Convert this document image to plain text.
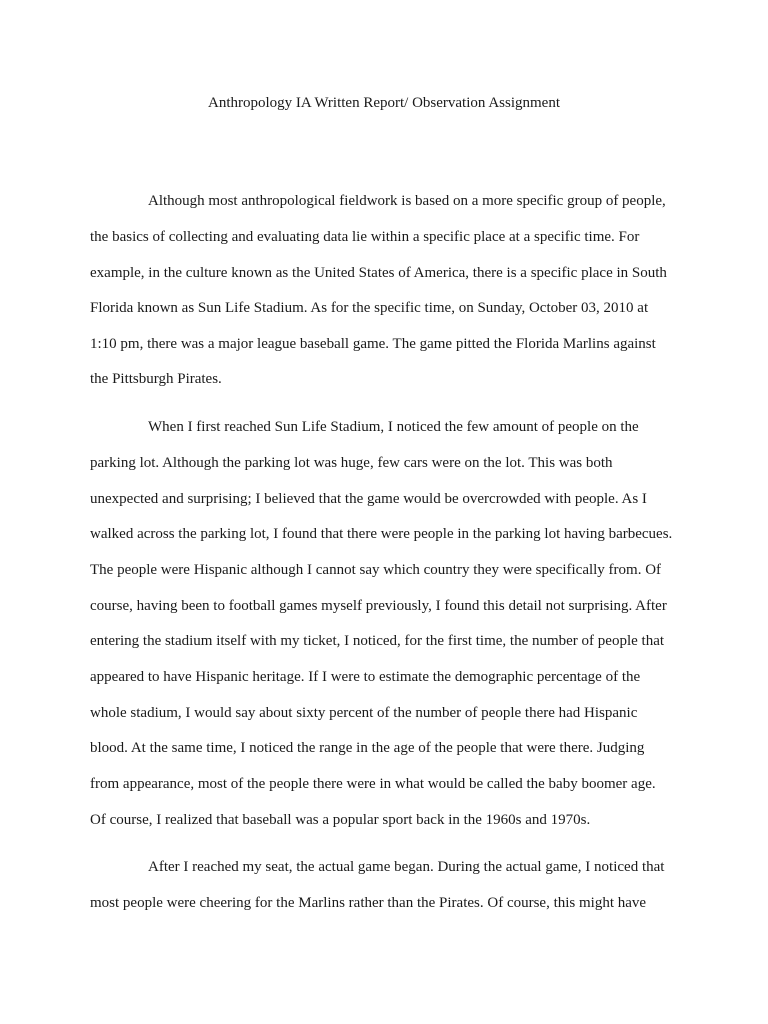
Anthropology IA Written Report/ Observation Assignment
Although most anthropological fieldwork is based on a more specific group of people,
the basics of collecting and evaluating data lie within a specific place at a specific time. For
example, in the culture known as the United States of America, there is a specific place in South
Florida known as Sun Life Stadium. As for the specific time, on Sunday, October 03, 2010 at
1:10 pm, there was a major league baseball game. The game pitted the Florida Marlins against
the Pittsburgh Pirates.
When I first reached Sun Life Stadium, I noticed the few amount of people on the
parking lot. Although the parking lot was huge, few cars were on the lot. This was both
unexpected and surprising; I believed that the game would be overcrowded with people. As I
walked across the parking lot, I found that there were people in the parking lot having barbecues.
The people were Hispanic although I cannot say which country they were specifically from. Of
course, having been to football games myself previously, I found this detail not surprising. After
entering the stadium itself with my ticket, I noticed, for the first time, the number of people that
appeared to have Hispanic heritage. If I were to estimate the demographic percentage of the
whole stadium, I would say about sixty percent of the number of people there had Hispanic
blood. At the same time, I noticed the range in the age of the people that were there. Judging
from appearance, most of the people there were in what would be called the baby boomer age.
Of course, I realized that baseball was a popular sport back in the 1960s and 1970s.
After I reached my seat, the actual game began. During the actual game, I noticed that
most people were cheering for the Marlins rather than the Pirates. Of course, this might have
